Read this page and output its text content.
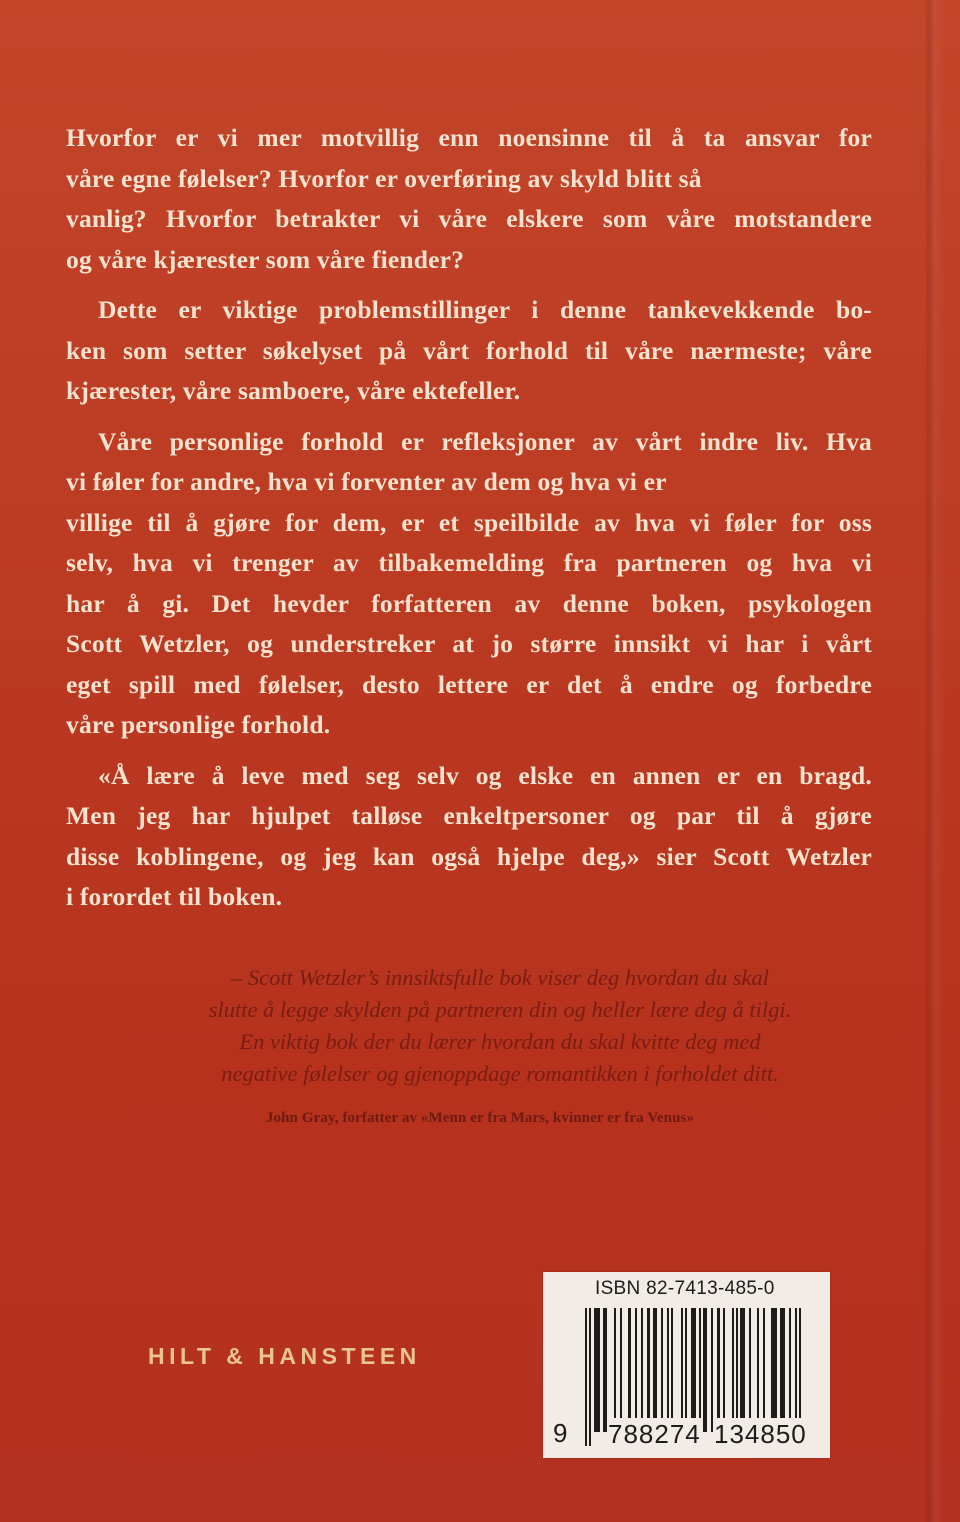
Hvorfor er vi mer motvillig enn noensinne til å ta ansvar for
våre egne følelser? Hvorfor er overføring av skyld blitt så
vanlig? Hvorfor betrakter vi våre elskere som våre motstandere
og våre kjærester som våre fiender?

Dette er viktige problemstillinger i denne tankevekkende bo-
ken som setter søkelyset på vårt forhold til våre nærmeste; våre
kjærester, våre samboere, våre ektefeller.

Våre personlige forhold er refleksjoner av vårt indre liv. Hva
vi føler for andre, hva vi forventer av dem og hva vi er
villige til å gjøre for dem, er et speilbilde av hva vi føler for oss
selv, hva vi trenger av tilbakemelding fra partneren og hva vi
har å gi. Det hevder forfatteren av denne boken, psykologen
Scott Wetzler, og understreker at jo større innsikt vi har i vårt
eget spill med følelser, desto lettere er det å endre og forbedre
våre personlige forhold.

«Å lære å leve med seg selv og elske en annen er en bragd.
Men jeg har hjulpet talløse enkeltpersoner og par til å gjøre
disse koblingene, og jeg kan også hjelpe deg,» sier Scott Wetzler
i forordet til boken.

– Scott Wetzler’s innsiktsfulle bok viser deg hvordan du skal
slutte å legge skylden på partneren din og heller lære deg å tilgi.
En viktig bok der du lærer hvordan du skal kvitte deg med
negative følelser og gjenoppdage romantikken i forholdet ditt.
John Gray, forfatter av «Menn er fra Mars, kvinner er fra Venus»
HILT & HANSTEEN
ISBN 82-7413-485-0
9 788274 134850
